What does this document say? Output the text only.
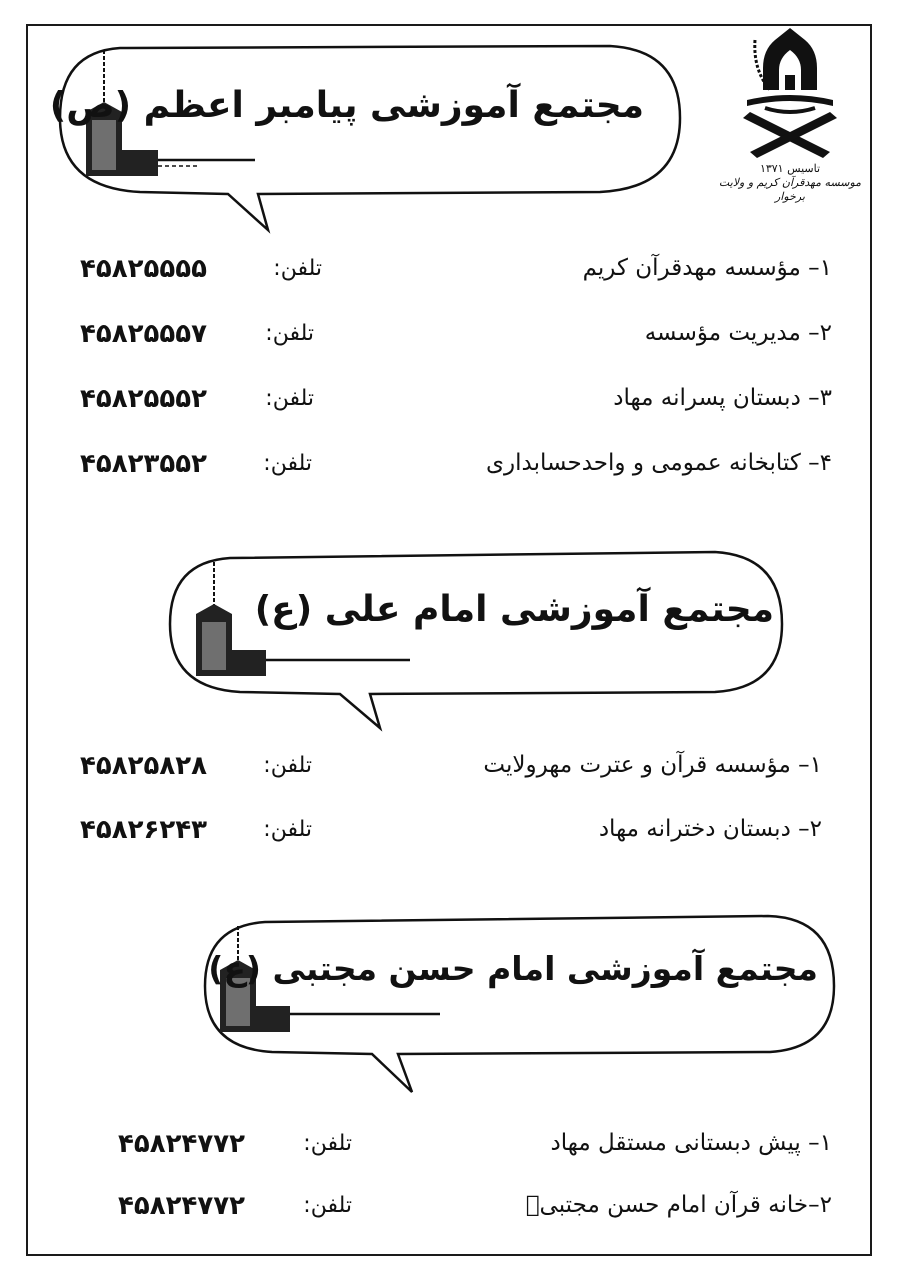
تاسیس ۱۳۷۱
موسسه مهدقرآن کریم و ولایت برخوار
مجتمع آموزشی پیامبر اعظم (ص)
مجتمع آموزشی امام علی (ع)
مجتمع آموزشی امام حسن مجتبی (ع)
۱– مؤسسه مهدقرآن کریم
تلفن:
۴۵۸۲۵۵۵۵
۲– مدیریت مؤسسه
تلفن:
۴۵۸۲۵۵۵۷
۳– دبستان پسرانه مهاد
تلفن:
۴۵۸۲۵۵۵۲
۴– کتابخانه عمومی و واحدحسابداری
تلفن:
۴۵۸۲۳۵۵۲
۱– مؤسسه قرآن و عترت مهرولایت
تلفن:
۴۵۸۲۵۸۲۸
۲– دبستان دخترانه مهاد
تلفن:
۴۵۸۲۶۲۴۳
۱– پیش دبستانی مستقل مهاد
تلفن:
۴۵۸۲۴۷۷۲
۲–خانه قرآن امام حسن مجتبیؑ
تلفن:
۴۵۸۲۴۷۷۲
